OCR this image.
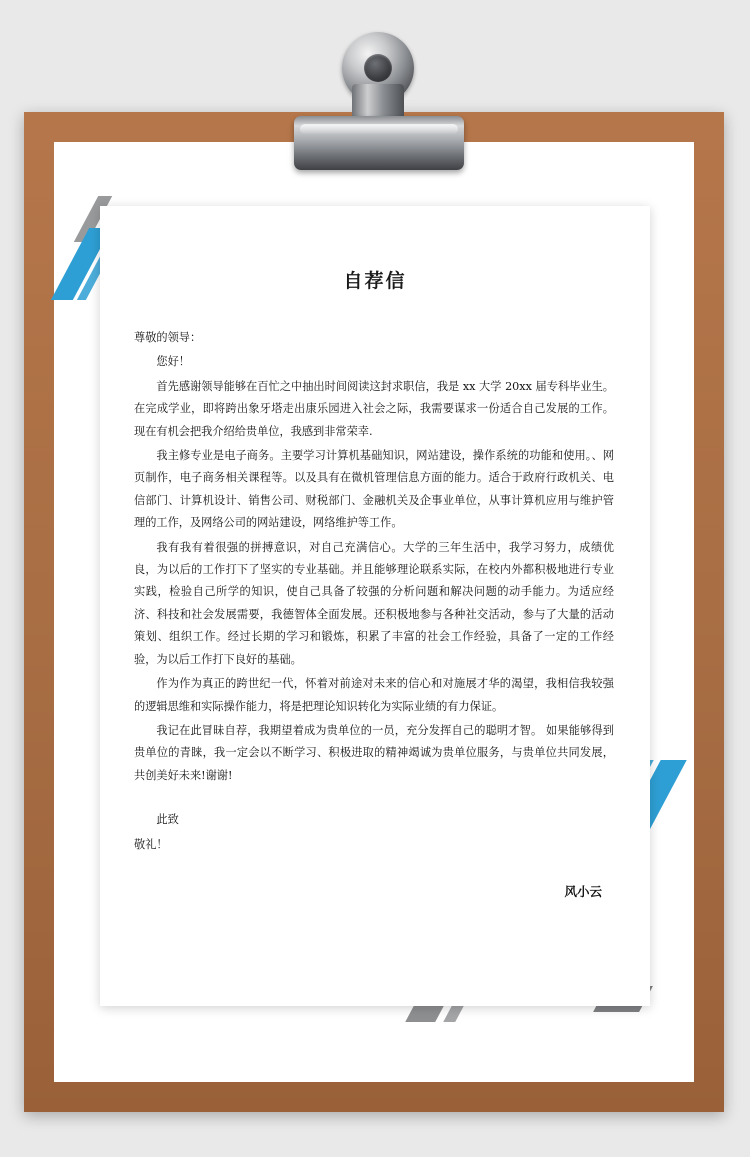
自荐信

尊敬的领导：

您好！

首先感谢领导能够在百忙之中抽出时间阅读这封求职信，我是 xx 大学 20xx 届专科毕业生。在完成学业，即将跨出象牙塔走出康乐园进入社会之际，我需要谋求一份适合自己发展的工作。现在有机会把我介绍给贵单位，我感到非常荣幸.

我主修专业是电子商务。主要学习计算机基础知识，网站建设，操作系统的功能和使用。、网页制作，电子商务相关课程等。以及具有在微机管理信息方面的能力。适合于政府行政机关、电信部门、计算机设计、销售公司、财税部门、金融机关及企事业单位，从事计算机应用与维护管理的工作，及网络公司的网站建设，网络维护等工作。

我有我有着很强的拼搏意识，对自己充满信心。大学的三年生活中，我学习努力，成绩优良，为以后的工作打下了坚实的专业基础。并且能够理论联系实际，在校内外都积极地进行专业实践，检验自己所学的知识，使自己具备了较强的分析问题和解决问题的动手能力。为适应经济、科技和社会发展需要，我德智体全面发展。还积极地参与各种社交活动，参与了大量的活动策划、组织工作。经过长期的学习和锻炼，积累了丰富的社会工作经验，具备了一定的工作经验，为以后工作打下良好的基础。

作为作为真正的跨世纪一代，怀着对前途对未来的信心和对施展才华的渴望，我相信我较强的逻辑思维和实际操作能力，将是把理论知识转化为实际业绩的有力保证。

我记在此冒昧自荐，我期望着成为贵单位的一员，充分发挥自己的聪明才智。 如果能够得到贵单位的青睐，我一定会以不断学习、积极进取的精神竭诚为贵单位服务，与贵单位共同发展，共创美好未来!谢谢!

此致

敬礼！

风小云
